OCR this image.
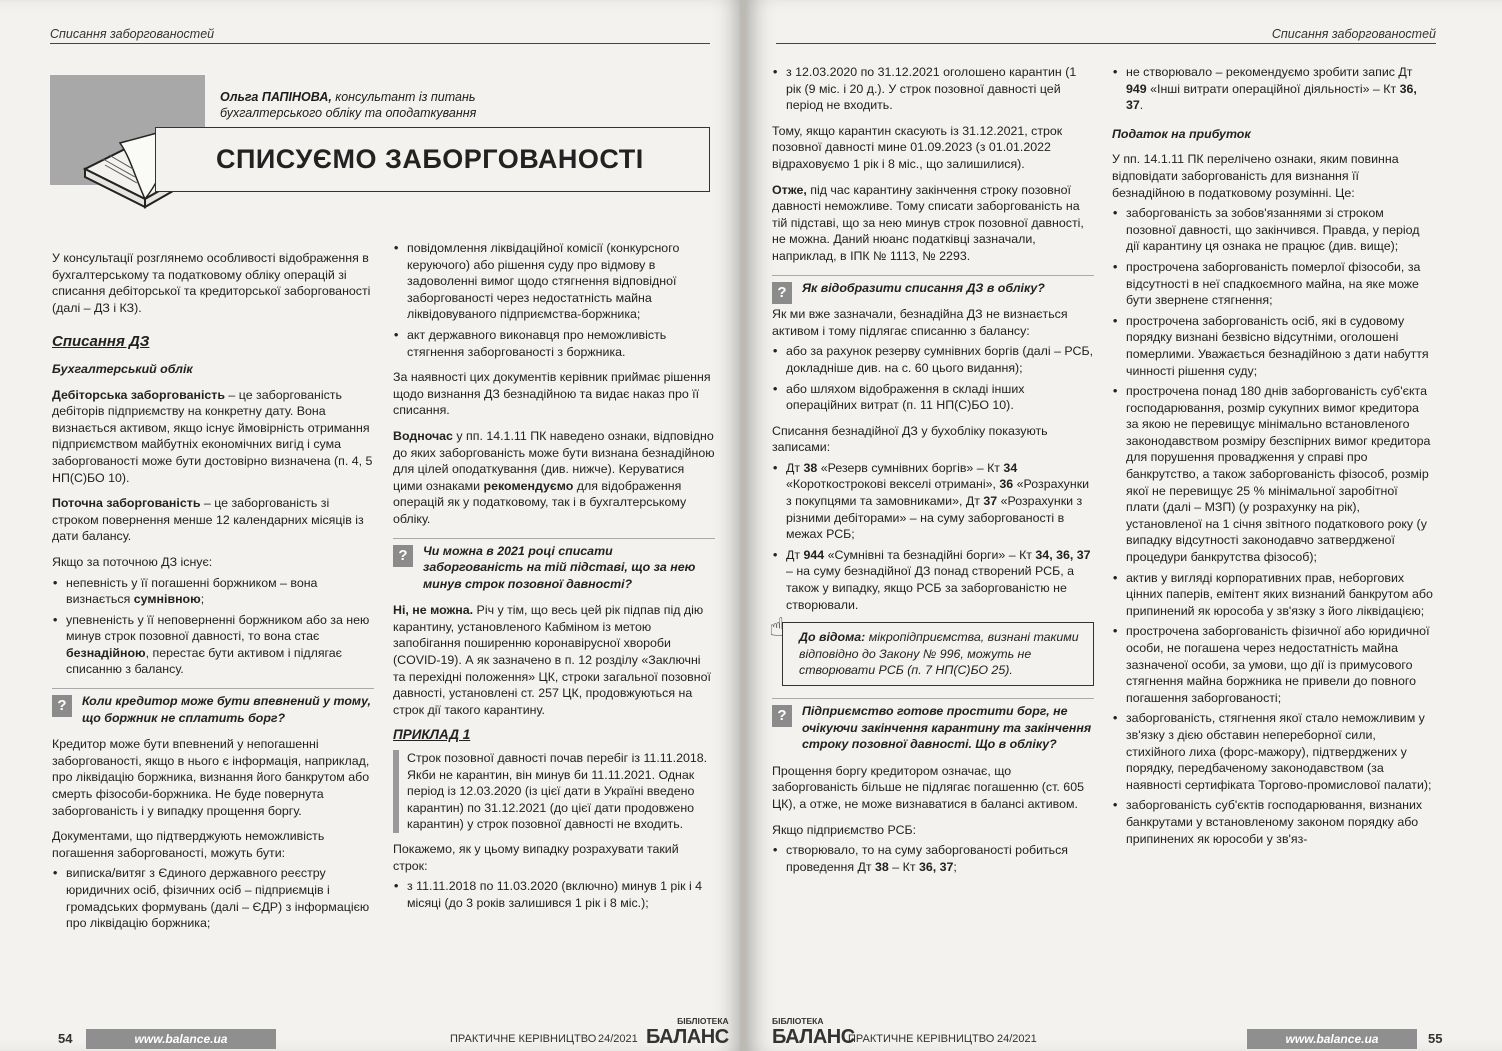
Списання заборгованостей
Ольга ПАПІНОВА, консультант із питань
бухгалтерського обліку та оподаткування
СПИСУЄМО ЗАБОРГОВАНОСТІ

У консультації розглянемо особливості відображення в бухгалтерському та податковому обліку операцій зі списання дебіторської та кредиторської заборгованості (далі – ДЗ і КЗ).

Списання ДЗ
Бухгалтерський облік

Дебіторська заборгованість – це заборгованість дебіторів підприємству на конкретну дату. Вона визнається активом, якщо існує ймовірність отримання підприємством майбутніх економічних вигід і сума заборгованості може бути достовірно визначена (п. 4, 5 НП(С)БО 10).

Поточна заборгованість – це заборгованість зі строком повернення менше 12 календарних місяців із дати балансу.

Якщо за поточною ДЗ існує:

• непевність у її погашенні боржником – вона визнається сумнівною;
• упевненість у її неповерненні боржником або за нею минув строк позовної давності, то вона стає безнадійною, перестає бути активом і підлягає списанню з балансу.
?	Коли кредитор може бути впевнений у тому, що боржник не сплатить борг?

Кредитор може бути впевнений у непогашенні заборгованості, якщо в нього є інформація, наприклад, про ліквідацію боржника, визнання його банкрутом або смерть фізособи-боржника. Не буде повернута заборгованість і у випадку прощення боргу.

Документами, що підтверджують неможливість погашення заборгованості, можуть бути:

• виписка/витяг з Єдиного державного реєстру юридичних осіб, фізичних осіб – підприємців і громадських формувань (далі – ЄДР) з інформацією про ліквідацію боржника;
• повідомлення ліквідаційної комісії (конкурсного керуючого) або рішення суду про відмову в задоволенні вимог щодо стягнення відповідної заборгованості через недостатність майна ліквідовуваного підприємства-боржника;
• акт державного виконавця про неможливість стягнення заборгованості з боржника.

За наявності цих документів керівник приймає рішення щодо визнання ДЗ безнадійною та видає наказ про її списання.

Водночас у пп. 14.1.11 ПК наведено ознаки, відповідно до яких заборгованість може бути визнана безнадійною для цілей оподаткування (див. нижче). Керуватися цими ознаками рекомендуємо для відображення операцій як у податковому, так і в бухгалтерському обліку.

?	Чи можна в 2021 році списати заборгованість на тій підставі, що за нею минув строк позовної давності?

Ні, не можна. Річ у тім, що весь цей рік підпав під дію карантину, установленого Кабміном із метою запобігання поширенню коронавірусної хвороби (COVID-19). А як зазначено в п. 12 розділу «Заключні та перехідні положення» ЦК, строки загальної позовної давності, установлені ст. 257 ЦК, продовжуються на строк дії такого карантину.

ПРИКЛАД 1

Строк позовної давності почав перебіг із 11.11.2018. Якби не карантин, він минув би 11.11.2021. Однак період із 12.03.2020 (із цієї дати в Україні введено карантин) по 31.12.2021 (до цієї дати продовжено карантин) у строк позовної давності не входить.

Покажемо, як у цьому випадку розрахувати такий строк:

• з 11.11.2018 по 11.03.2020 (включно) минув 1 рік і 4 місяці (до 3 років залишився 1 рік і 8 міс.);
54	www.balance.ua	ПРАКТИЧНЕ КЕРІВНИЦТВО 24/2021
БІБЛІОТЕКА
БАЛАНС
Списання заборгованостей
• з 12.03.2020 по 31.12.2021 оголошено карантин (1 рік (9 міс. і 20 д.). У строк позовної давності цей період не входить.

Тому, якщо карантин скасують із 31.12.2021, строк позовної давності мине 01.09.2023 (з 01.01.2022 відраховуємо 1 рік і 8 міс., що залишилися).

Отже, під час карантину закінчення строку позовної давності неможливе. Тому списати заборгованість на тій підставі, що за нею минув строк позовної давності, не можна. Даний нюанс податківці зазначали, наприклад, в ІПК № 1113, № 2293.

?	Як відобразити списання ДЗ в обліку?

Як ми вже зазначали, безнадійна ДЗ не визнається активом і тому підлягає списанню з балансу:

• або за рахунок резерву сумнівних боргів (далі – РСБ, докладніше див. на с. 60 цього видання);
• або шляхом відображення в складі інших операційних витрат (п. 11 НП(С)БО 10).

Списання безнадійної ДЗ у бухобліку показують записами:

• Дт 38 «Резерв сумнівних боргів» – Кт 34 «Короткострокові векселі отримані», 36 «Розрахунки з покупцями та замовниками», Дт 37 «Розрахунки з різними дебіторами» – на суму заборгованості в межах РСБ;
• Дт 944 «Сумнівні та безнадійні борги» – Кт 34, 36, 37 – на суму безнадійної ДЗ понад створений РСБ, а також у випадку, якщо РСБ за заборгованістю не створювали.
☝ До відома: мікропідприємства, визнані такими відповідно до Закону № 996, можуть не створювати РСБ (п. 7 НП(С)БО 25).
?	Підприємство готове простити борг, не очікуючи закінчення карантину та закінчення строку позовної давності. Що в обліку?

Прощення боргу кредитором означає, що заборгованість більше не підлягає погашенню (ст. 605 ЦК), а отже, не може визнаватися в балансі активом.

Якщо підприємство РСБ:

• створювало, то на суму заборгованості робиться проведення Дт 38 – Кт 36, 37;
• не створювало – рекомендуємо зробити запис Дт 949 «Інші витрати операційної діяльності» – Кт 36, 37.
Податок на прибуток

У пп. 14.1.11 ПК перелічено ознаки, яким повинна відповідати заборгованість для визнання її безнадійною в податковому розумінні. Це:

• заборгованість за зобов'язаннями зі строком позовної давності, що закінчився. Правда, у період дії карантину ця ознака не працює (див. вище);
• прострочена заборгованість померлої фізособи, за відсутності в неї спадкоємного майна, на яке може бути звернене стягнення;
• прострочена заборгованість осіб, які в судовому порядку визнані безвісно відсутніми, оголошені померлими. Уважається безнадійною з дати набуття чинності рішення суду;
• прострочена понад 180 днів заборгованість суб'єкта господарювання, розмір сукупних вимог кредитора за якою не перевищує мінімально встановленого законодавством розміру безспірних вимог кредитора для порушення провадження у справі про банкрутство, а також заборгованість фізособ, розмір якої не перевищує 25 % мінімальної заробітної плати (далі – МЗП) (у розрахунку на рік), установленої на 1 січня звітного податкового року (у випадку відсутності законодавчо затвердженої процедури банкрутства фізособ);
• актив у вигляді корпоративних прав, неборгових цінних паперів, емітент яких визнаний банкрутом або припинений як юрособа у зв'язку з його ліквідацією;
• прострочена заборгованість фізичної або юридичної особи, не погашена через недостатність майна зазначеної особи, за умови, що дії із примусового стягнення майна боржника не привели до повного погашення заборгованості;
• заборгованість, стягнення якої стало неможливим у зв'язку з дією обставин непереборної сили, стихійного лиха (форс-мажору), підтверджених у порядку, передбаченому законодавством (за наявності сертифіката Торгово-промислової палати);
• заборгованість суб'єктів господарювання, визнаних банкрутами у встановленому законом порядку або припинених як юрособи у зв'яз-
БІБЛІОТЕКА
БАЛАНС
ПРАКТИЧНЕ КЕРІВНИЦТВО 24/2021	www.balance.ua	55
